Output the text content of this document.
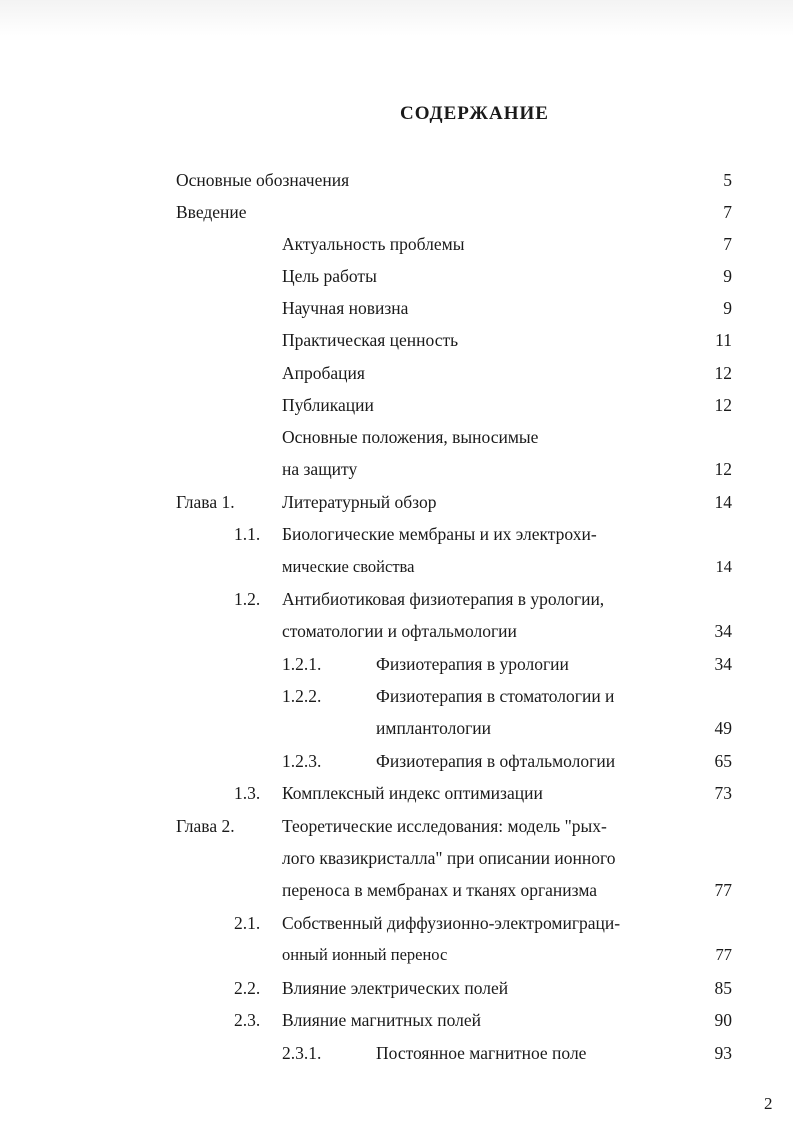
СОДЕРЖАНИЕ
Основные обозначения	5
Введение	7
Актуальность проблемы	7
Цель работы	9
Научная новизна	9
Практическая ценность	11
Апробация	12
Публикации	12
Основные положения, выносимые
на защиту	12
Глава 1.	Литературный обзор	14
1.1. Биологические мембраны и их электрохи-
мические свойства	14
1.2. Антибиотиковая физиотерапия в урологии,
стоматологии и офтальмологии	34
1.2.1.	Физиотерапия в урологии	34
1.2.2.	Физиотерапия в стоматологии и
имплантологии	49
1.2.3.	Физиотерапия в офтальмологии	65
1.3. Комплексный индекс оптимизации	73
Глава 2.	Теоретические исследования: модель "рых-
лого квазикристалла" при описании ионного
переноса в мембранах и тканях организма	77
2.1. Собственный диффузионно-электромиграци-
онный ионный перенос	77
2.2. Влияние электрических полей	85
2.3. Влияние магнитных полей	90
2.3.1.	Постоянное магнитное поле	93
2
